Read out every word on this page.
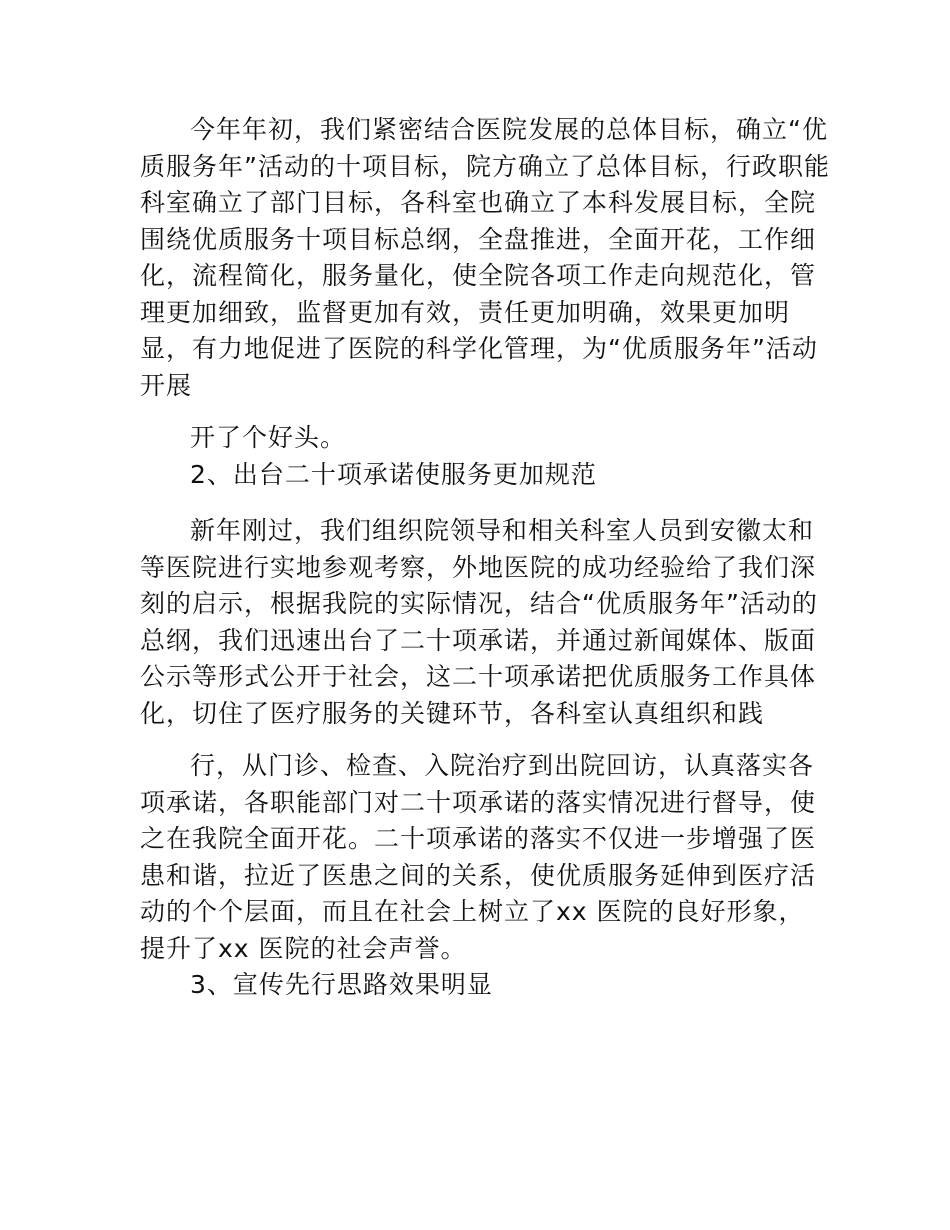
今年年初，我们紧密结合医院发展的总体目标，确立“优质服务年”活动的十项目标，院方确立了总体目标，行政职能科室确立了部门目标，各科室也确立了本科发展目标，全院围绕优质服务十项目标总纲，全盘推进，全面开花，工作细化，流程简化，服务量化，使全院各项工作走向规范化，管理更加细致，监督更加有效，责任更加明确，效果更加明显，有力地促进了医院的科学化管理，为“优质服务年”活动开展

开了个好头。

2、出台二十项承诺使服务更加规范

新年刚过，我们组织院领导和相关科室人员到安徽太和等医院进行实地参观考察，外地医院的成功经验给了我们深刻的启示，根据我院的实际情况，结合“优质服务年”活动的总纲，我们迅速出台了二十项承诺，并通过新闻媒体、版面公示等形式公开于社会，这二十项承诺把优质服务工作具体化，切住了医疗服务的关键环节，各科室认真组织和践

行，从门诊、检查、入院治疗到出院回访，认真落实各项承诺，各职能部门对二十项承诺的落实情况进行督导，使之在我院全面开花。二十项承诺的落实不仅进一步增强了医患和谐，拉近了医患之间的关系，使优质服务延伸到医疗活动的个个层面，而且在社会上树立了xx 医院的良好形象，提升了xx 医院的社会声誉。

3、宣传先行思路效果明显
